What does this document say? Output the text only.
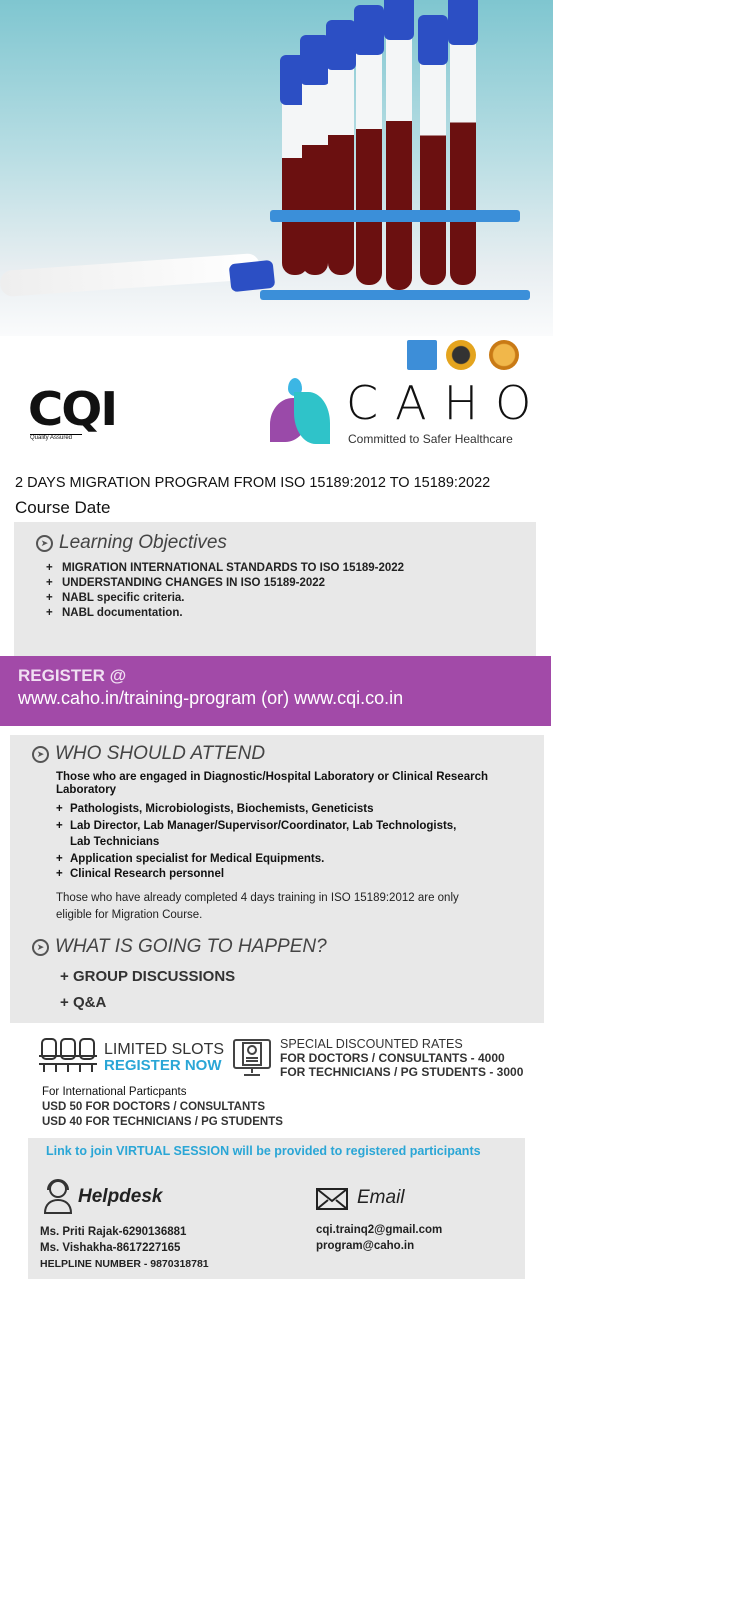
CQI
Quality Assured
CAHO
Committed to Safer Healthcare
2 DAYS MIGRATION PROGRAM FROM ISO 15189:2012 TO 15189:2022
Course Date
➤ Learning Objectives
+ MIGRATION INTERNATIONAL STANDARDS TO ISO 15189-2022
+ UNDERSTANDING CHANGES IN ISO 15189-2022
+ NABL specific criteria.
+ NABL documentation.
REGISTER @
www.caho.in/training-program (or) www.cqi.co.in
➤ WHO SHOULD ATTEND
Those who are engaged in Diagnostic/Hospital Laboratory or Clinical Research Laboratory
+ Pathologists, Microbiologists, Biochemists, Geneticists
+ Lab Director, Lab Manager/Supervisor/Coordinator, Lab Technologists, Lab Technicians
+ Application specialist for Medical Equipments.
+ Clinical Research personnel
Those who have already completed 4 days training in ISO 15189:2012 are only eligible for Migration Course.
➤ WHAT IS GOING TO HAPPEN?
+ GROUP DISCUSSIONS
+ Q&A
LIMITED SLOTS
REGISTER NOW
SPECIAL DISCOUNTED RATES
FOR DOCTORS / CONSULTANTS - 4000
FOR TECHNICIANS / PG STUDENTS - 3000
For International Particpants
USD 50 FOR DOCTORS / CONSULTANTS
USD 40 FOR TECHNICIANS / PG STUDENTS
Link to join VIRTUAL SESSION will be provided to registered participants
Helpdesk
Ms. Priti Rajak-6290136881
Ms. Vishakha-8617227165
HELPLINE NUMBER - 9870318781
Email
cqi.trainq2@gmail.com
program@caho.in
